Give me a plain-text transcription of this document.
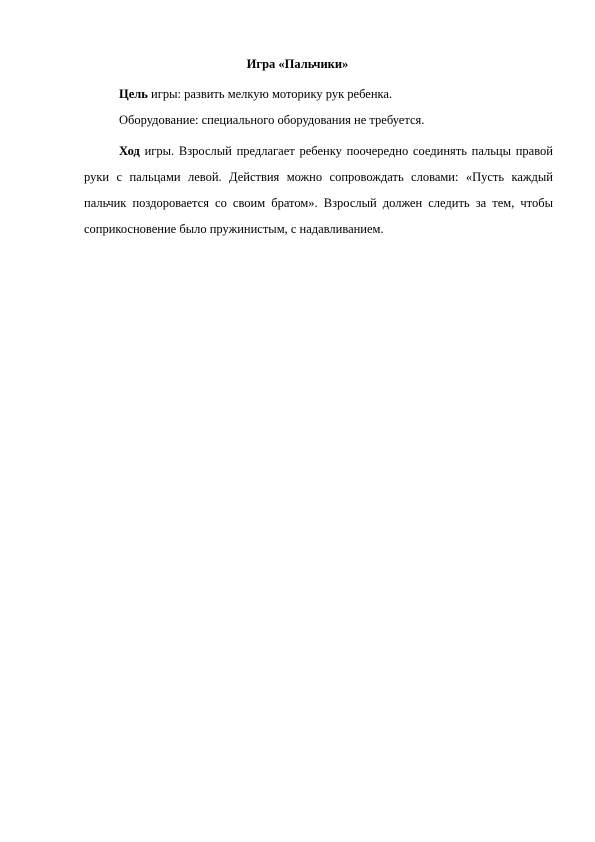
Игра «Пальчики»

Цель игры: развить мелкую моторику рук ребенка.

Оборудование: специального оборудования не требуется.

Ход игры. Взрослый предлагает ребенку поочередно соединять пальцы правой руки с пальцами левой. Действия можно сопровождать словами: «Пусть каждый пальчик поздоровается со своим братом». Взрослый должен следить за тем, чтобы соприкосновение было пружинистым, с надавливанием.
